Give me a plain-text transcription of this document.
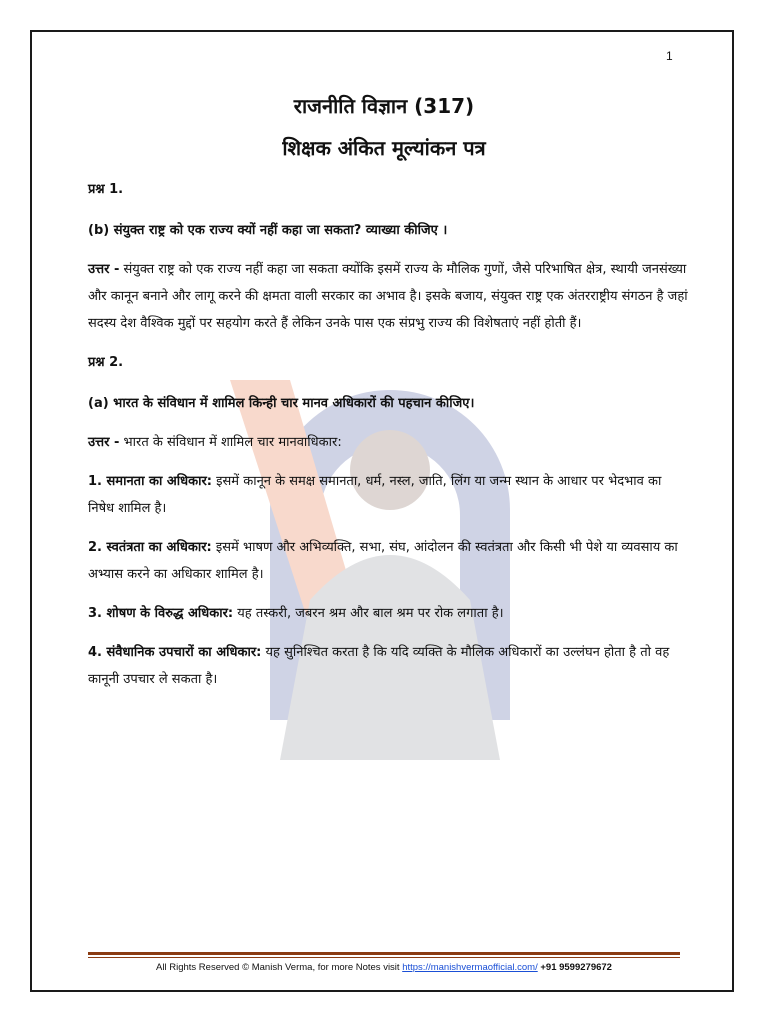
1
राजनीति विज्ञान (317)
शिक्षक अंकित मूल्यांकन पत्र

प्रश्न 1.

(b) संयुक्त राष्ट्र को एक राज्य क्यों नहीं कहा जा सकता? व्याख्या कीजिए ।

उत्तर - संयुक्त राष्ट्र को एक राज्य नहीं कहा जा सकता क्योंकि इसमें राज्य के मौलिक गुणों, जैसे परिभाषित क्षेत्र, स्थायी जनसंख्या और कानून बनाने और लागू करने की क्षमता वाली सरकार का अभाव है। इसके बजाय, संयुक्त राष्ट्र एक अंतरराष्ट्रीय संगठन है जहां सदस्य देश वैश्विक मुद्दों पर सहयोग करते हैं लेकिन उनके पास एक संप्रभु राज्य की विशेषताएं नहीं होती हैं।

प्रश्न 2.

(a) भारत के संविधान में शामिल किन्ही चार मानव अधिकारों की पहचान कीजिए।

उत्तर - भारत के संविधान में शामिल चार मानवाधिकार:

1. समानता का अधिकार: इसमें कानून के समक्ष समानता, धर्म, नस्ल, जाति, लिंग या जन्म स्थान के आधार पर भेदभाव का निषेध शामिल है।

2. स्वतंत्रता का अधिकार: इसमें भाषण और अभिव्यक्ति, सभा, संघ, आंदोलन की स्वतंत्रता और किसी भी पेशे या व्यवसाय का अभ्यास करने का अधिकार शामिल है।

3. शोषण के विरुद्ध अधिकार: यह तस्करी, जबरन श्रम और बाल श्रम पर रोक लगाता है।

4. संवैधानिक उपचारों का अधिकार: यह सुनिश्चित करता है कि यदि व्यक्ति के मौलिक अधिकारों का उल्लंघन होता है तो वह कानूनी उपचार ले सकता है।

All Rights Reserved © Manish Verma, for more Notes visit https://manishvermaofficial.com/ +91 9599279672
